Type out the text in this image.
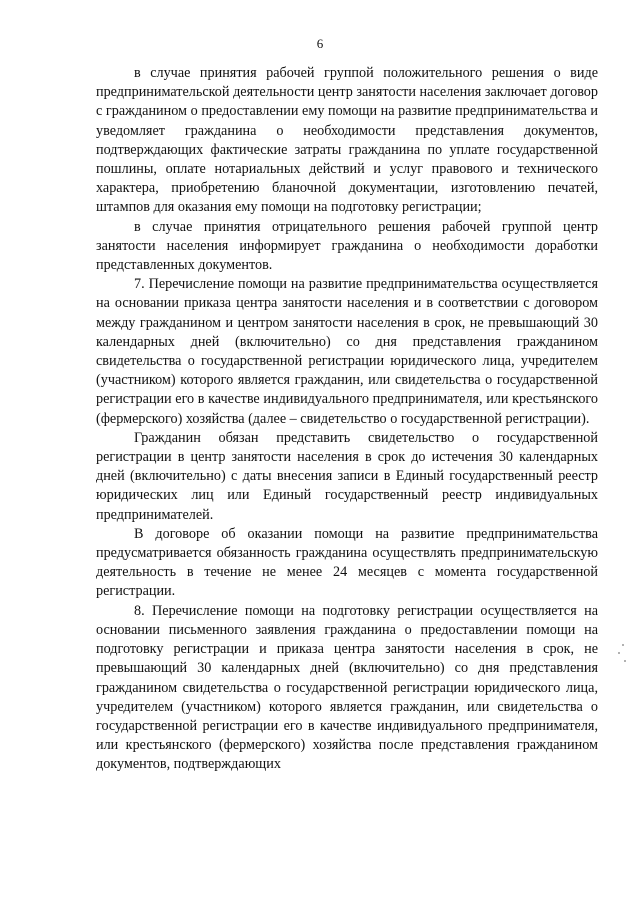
6

в случае принятия рабочей группой положительного решения о виде предпринимательской деятельности центр занятости населения заключает договор с гражданином о предоставлении ему помощи на развитие предпринимательства и уведомляет гражданина о необходимости представления документов, подтверждающих фактические затраты гражданина по уплате государственной пошлины, оплате нотариальных действий и услуг правового и технического характера, приобретению бланочной документации, изготовлению печатей, штампов для оказания ему помощи на подготовку регистрации;

в случае принятия отрицательного решения рабочей группой центр занятости населения информирует гражданина о необходимости доработки представленных документов.

7. Перечисление помощи на развитие предпринимательства осуществляется на основании приказа центра занятости населения и в соответствии с договором между гражданином и центром занятости населения в срок, не превышающий 30 календарных дней (включительно) со дня представления гражданином свидетельства о государственной регистрации юридического лица, учредителем (участником) которого является гражданин, или свидетельства о государственной регистрации его в качестве индивидуального предпринимателя, или крестьянского (фермерского) хозяйства (далее – свидетельство о государственной регистрации).

Гражданин обязан представить свидетельство о государственной регистрации в центр занятости населения в срок до истечения 30 календарных дней (включительно) с даты внесения записи в Единый государственный реестр юридических лиц или Единый государственный реестр индивидуальных предпринимателей.

В договоре об оказании помощи на развитие предпринимательства предусматривается обязанность гражданина осуществлять предпринимательскую деятельность в течение не менее 24 месяцев с момента государственной регистрации.

8. Перечисление помощи на подготовку регистрации осуществляется на основании письменного заявления гражданина о предоставлении помощи на подготовку регистрации и приказа центра занятости населения в срок, не превышающий 30 календарных дней (включительно) со дня представления гражданином свидетельства о государственной регистрации юридического лица, учредителем (участником) которого является гражданин, или свидетельства о государственной регистрации его в качестве индивидуального предпринимателя, или крестьянского (фермерского) хозяйства после представления гражданином документов, подтверждающих
